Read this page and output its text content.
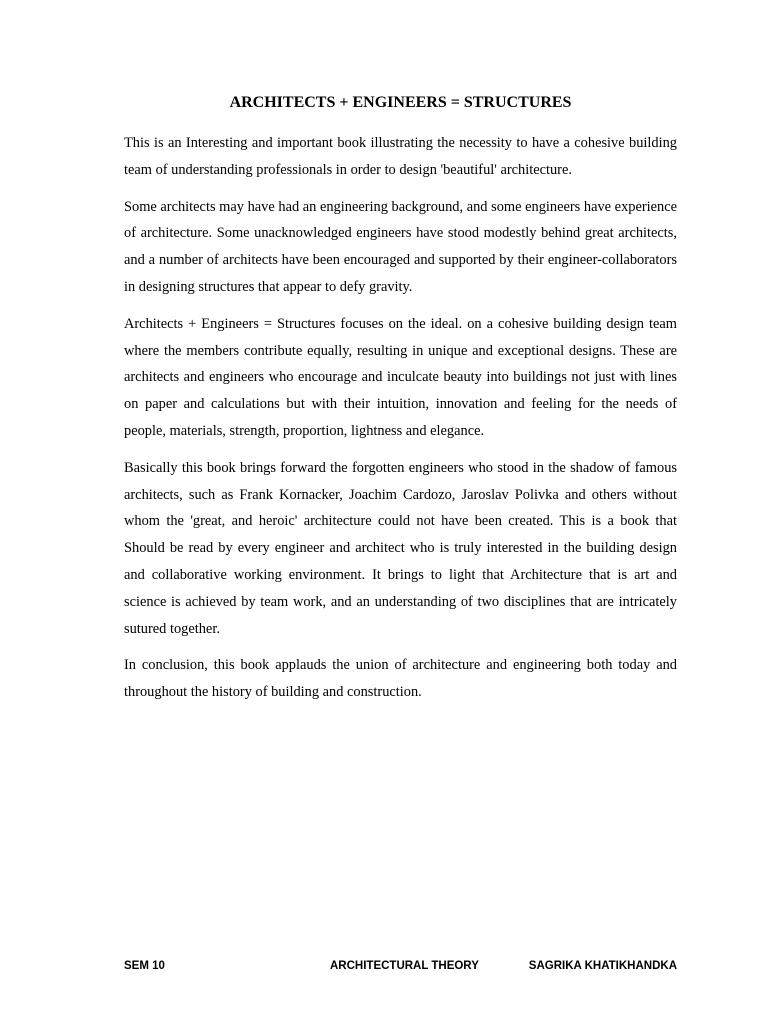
ARCHITECTS + ENGINEERS = STRUCTURES

This is an Interesting and important book illustrating the necessity to have a cohesive building team of understanding professionals in order to design 'beautiful' architecture.

Some architects may have had an engineering background, and some engineers have experience of architecture. Some unacknowledged engineers have stood modestly behind great architects, and a number of architects have been encouraged and supported by their engineer-collaborators in designing structures that appear to defy gravity.

Architects + Engineers = Structures focuses on the ideal. on a cohesive building design team where the members contribute equally, resulting in unique and exceptional designs. These are architects and engineers who encourage and inculcate beauty into buildings not just with lines on paper and calculations but with their intuition, innovation and feeling for the needs of people, materials, strength, proportion, lightness and elegance.

Basically this book brings forward the forgotten engineers who stood in the shadow of famous architects, such as Frank Kornacker, Joachim Cardozo, Jaroslav Polivka and others without whom the 'great, and heroic' architecture could not have been created. This is a book that Should be read by every engineer and architect who is truly interested in the building design and collaborative working environment. It brings to light that Architecture that is art and science is achieved by team work, and an understanding of two disciplines that are intricately sutured together.

In conclusion, this book applauds the union of architecture and engineering both today and throughout the history of building and construction.

SEM 10	ARCHITECTURAL THEORY	SAGRIKA KHATIKHANDKA
